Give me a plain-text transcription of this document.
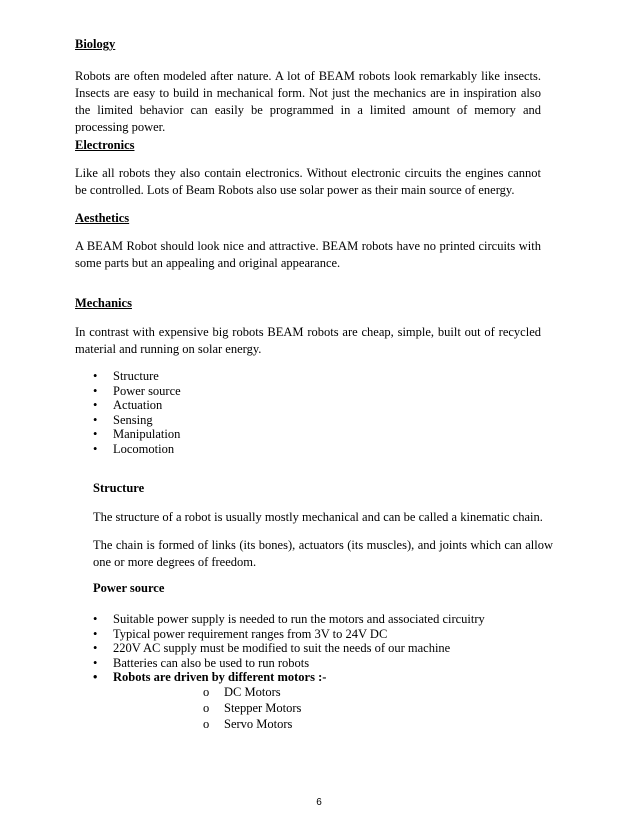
Biology
Robots are often modeled after nature. A lot of BEAM robots look remarkably like insects. Insects are easy to build in mechanical form. Not just the mechanics are in inspiration also the limited behavior can easily be programmed in a limited amount of memory and processing power.
Electronics
Like all robots they also contain electronics. Without electronic circuits the engines cannot be controlled. Lots of Beam Robots also use solar power as their main source of energy.
Aesthetics
A BEAM Robot should look nice and attractive. BEAM robots have no printed circuits with some parts but an appealing and original appearance.
Mechanics
In contrast with expensive big robots BEAM robots are cheap, simple, built out of recycled material and running on solar energy.
• Structure
• Power source
• Actuation
• Sensing
• Manipulation
• Locomotion
Structure
The structure of a robot is usually mostly mechanical and can be called a kinematic chain.
The chain is formed of links (its bones), actuators (its muscles), and joints which can allow one or more degrees of freedom.
Power source
• Suitable power supply is needed to run the motors and associated circuitry
• Typical power requirement ranges from 3V to 24V DC
• 220V AC supply must be modified to suit the needs of our machine
• Batteries can also be used to run robots
• Robots are driven by different motors :-
o DC Motors
o Stepper Motors
o Servo Motors
6
